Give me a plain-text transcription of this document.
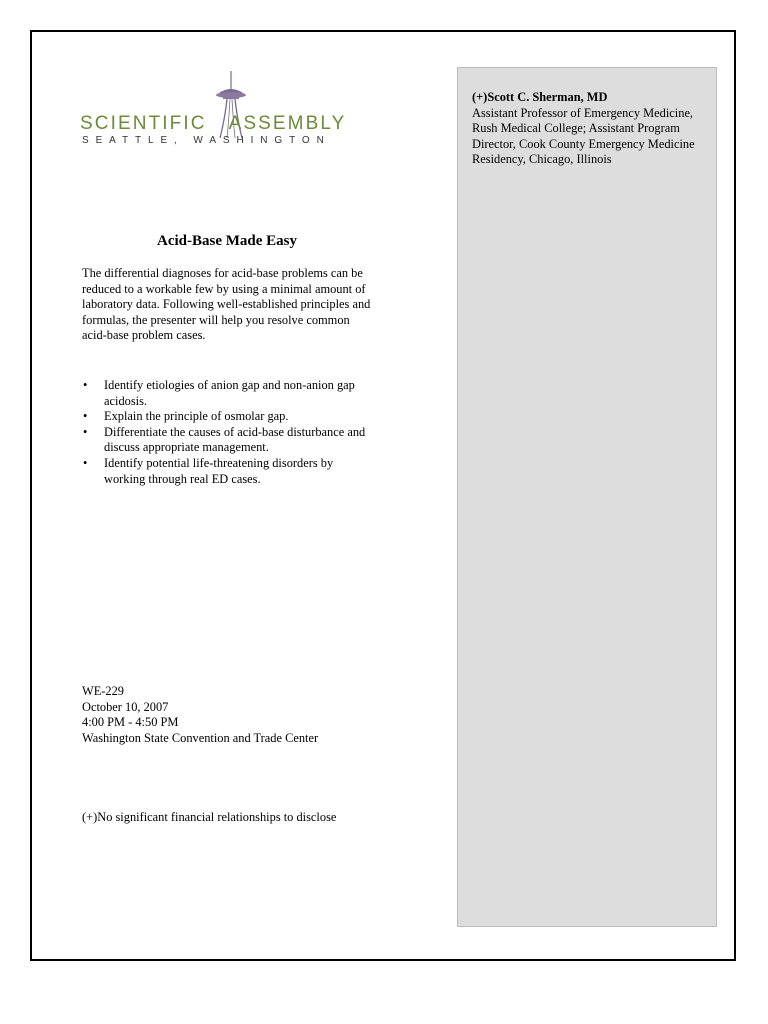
SCIENTIFIC ASSEMBLY
SEATTLE, WASHINGTON
Acid-Base Made Easy
The differential diagnoses for acid-base problems can be reduced to a workable few by using a minimal amount of laboratory data. Following well-established principles and formulas, the presenter will help you resolve common acid-base problem cases.
• Identify etiologies of anion gap and non-anion gap acidosis.
• Explain the principle of osmolar gap.
• Differentiate the causes of acid-base disturbance and discuss appropriate management.
• Identify potential life-threatening disorders by working through real ED cases.
WE-229
October 10, 2007
4:00 PM - 4:50 PM
Washington State Convention and Trade Center
(+)No significant financial relationships to disclose
(+)Scott C. Sherman, MD
Assistant Professor of Emergency Medicine, Rush Medical College; Assistant Program Director, Cook County Emergency Medicine Residency, Chicago, Illinois
